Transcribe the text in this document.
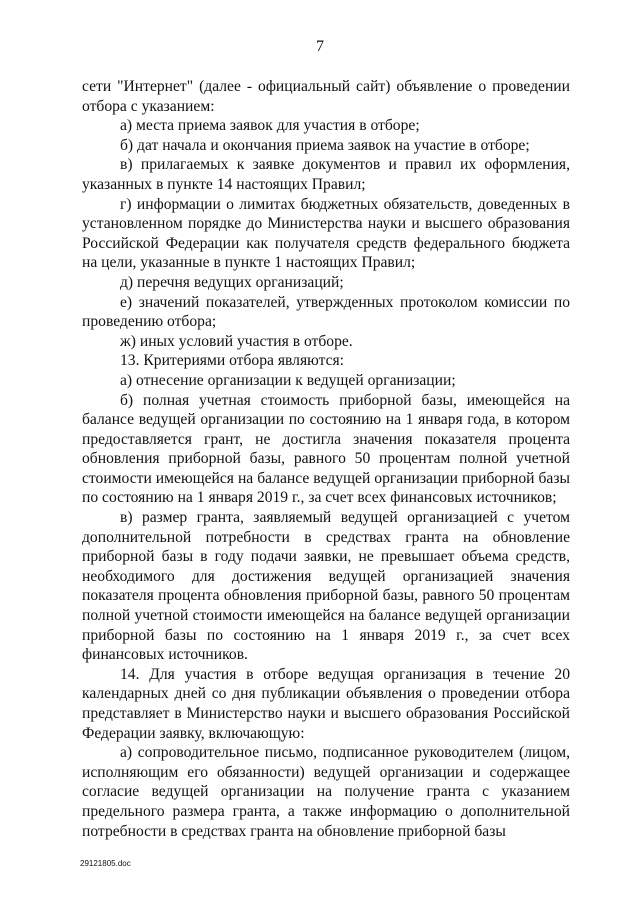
7

сети "Интернет" (далее - официальный сайт) объявление о проведении отбора с указанием:

а) места приема заявок для участия в отборе;

б) дат начала и окончания приема заявок на участие в отборе;

в) прилагаемых к заявке документов и правил их оформления, указанных в пункте 14 настоящих Правил;

г) информации о лимитах бюджетных обязательств, доведенных в установленном порядке до Министерства науки и высшего образования Российской Федерации как получателя средств федерального бюджета на цели, указанные в пункте 1 настоящих Правил;

д) перечня ведущих организаций;

е) значений показателей, утвержденных протоколом комиссии по проведению отбора;

ж) иных условий участия в отборе.

13. Критериями отбора являются:

а) отнесение организации к ведущей организации;

б) полная учетная стоимость приборной базы, имеющейся на балансе ведущей организации по состоянию на 1 января года, в котором предоставляется грант, не достигла значения показателя процента обновления приборной базы, равного 50 процентам полной учетной стоимости имеющейся на балансе ведущей организации приборной базы по состоянию на 1 января 2019 г., за счет всех финансовых источников;

в) размер гранта, заявляемый ведущей организацией с учетом дополнительной потребности в средствах гранта на обновление приборной базы в году подачи заявки, не превышает объема средств, необходимого для достижения ведущей организацией значения показателя процента обновления приборной базы, равного 50 процентам полной учетной стоимости имеющейся на балансе ведущей организации приборной базы по состоянию на 1 января 2019 г., за счет всех финансовых источников.

14. Для участия в отборе ведущая организация в течение 20 календарных дней со дня публикации объявления о проведении отбора представляет в Министерство науки и высшего образования Российской Федерации заявку, включающую:

а) сопроводительное письмо, подписанное руководителем (лицом, исполняющим его обязанности) ведущей организации и содержащее согласие ведущей организации на получение гранта с указанием предельного размера гранта, а также информацию о дополнительной потребности в средствах гранта на обновление приборной базы

29121805.doc
